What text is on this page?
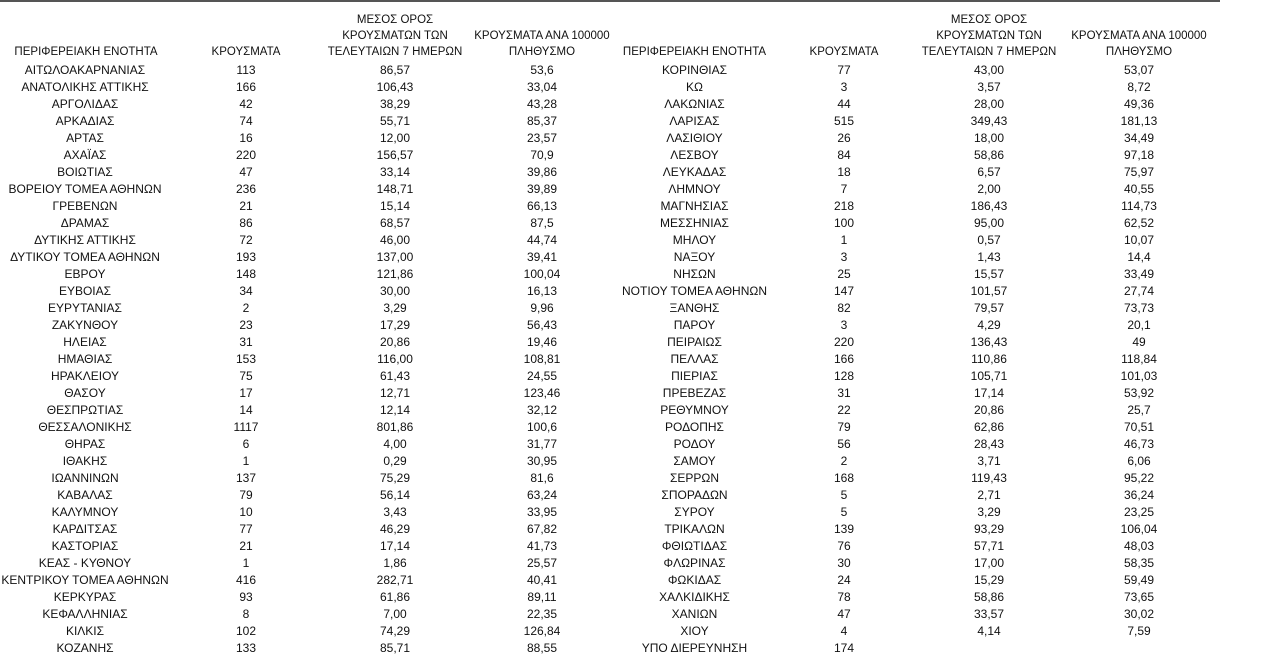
ΠΕΡΙΦΕΡΕΙΑΚΗ ΕΝΟΤΗΤΑ	ΚΡΟΥΣΜΑΤΑ
ΜΕΣΟΣ ΟΡΟΣ
ΚΡΟΥΣΜΑΤΩΝ ΤΩΝ
ΤΕΛΕΥΤΑΙΩΝ 7 ΗΜΕΡΩΝ
ΚΡΟΥΣΜΑΤΑ ΑΝΑ 100000
ΠΛΗΘΥΣΜΟ
ΑΙΤΩΛΟΑΚΑΡΝΑΝΙΑΣ	113	86,57	53,6
ΑΝΑΤΟΛΙΚΗΣ ΑΤΤΙΚΗΣ	166	106,43	33,04
ΑΡΓΟΛΙΔΑΣ	42	38,29	43,28
ΑΡΚΑΔΙΑΣ	74	55,71	85,37
ΑΡΤΑΣ	16	12,00	23,57
ΑΧΑΪΑΣ	220	156,57	70,9
ΒΟΙΩΤΙΑΣ	47	33,14	39,86
ΒΟΡΕΙΟΥ ΤΟΜΕΑ ΑΘΗΝΩΝ	236	148,71	39,89
ΓΡΕΒΕΝΩΝ	21	15,14	66,13
ΔΡΑΜΑΣ	86	68,57	87,5
ΔΥΤΙΚΗΣ ΑΤΤΙΚΗΣ	72	46,00	44,74
ΔΥΤΙΚΟΥ ΤΟΜΕΑ ΑΘΗΝΩΝ	193	137,00	39,41
ΕΒΡΟΥ	148	121,86	100,04
ΕΥΒΟΙΑΣ	34	30,00	16,13
ΕΥΡΥΤΑΝΙΑΣ	2	3,29	9,96
ΖΑΚΥΝΘΟΥ	23	17,29	56,43
ΗΛΕΙΑΣ	31	20,86	19,46
ΗΜΑΘΙΑΣ	153	116,00	108,81
ΗΡΑΚΛΕΙΟΥ	75	61,43	24,55
ΘΑΣΟΥ	17	12,71	123,46
ΘΕΣΠΡΩΤΙΑΣ	14	12,14	32,12
ΘΕΣΣΑΛΟΝΙΚΗΣ	1117	801,86	100,6
ΘΗΡΑΣ	6	4,00	31,77
ΙΘΑΚΗΣ	1	0,29	30,95
ΙΩΑΝΝΙΝΩΝ	137	75,29	81,6
ΚΑΒΑΛΑΣ	79	56,14	63,24
ΚΑΛΥΜΝΟΥ	10	3,43	33,95
ΚΑΡΔΙΤΣΑΣ	77	46,29	67,82
ΚΑΣΤΟΡΙΑΣ	21	17,14	41,73
ΚΕΑΣ - ΚΥΘΝΟΥ	1	1,86	25,57
ΚΕΝΤΡΙΚΟΥ ΤΟΜΕΑ ΑΘΗΝΩΝ	416	282,71	40,41
ΚΕΡΚΥΡΑΣ	93	61,86	89,11
ΚΕΦΑΛΛΗΝΙΑΣ	8	7,00	22,35
ΚΙΛΚΙΣ	102	74,29	126,84
ΚΟΖΑΝΗΣ	133	85,71	88,55
ΠΕΡΙΦΕΡΕΙΑΚΗ ΕΝΟΤΗΤΑ	ΚΡΟΥΣΜΑΤΑ
ΜΕΣΟΣ ΟΡΟΣ
ΚΡΟΥΣΜΑΤΩΝ ΤΩΝ
ΤΕΛΕΥΤΑΙΩΝ 7 ΗΜΕΡΩΝ
ΚΡΟΥΣΜΑΤΑ ΑΝΑ 100000
ΠΛΗΘΥΣΜΟ
ΚΟΡΙΝΘΙΑΣ	77	43,00	53,07
ΚΩ	3	3,57	8,72
ΛΑΚΩΝΙΑΣ	44	28,00	49,36
ΛΑΡΙΣΑΣ	515	349,43	181,13
ΛΑΣΙΘΙΟΥ	26	18,00	34,49
ΛΕΣΒΟΥ	84	58,86	97,18
ΛΕΥΚΑΔΑΣ	18	6,57	75,97
ΛΗΜΝΟΥ	7	2,00	40,55
ΜΑΓΝΗΣΙΑΣ	218	186,43	114,73
ΜΕΣΣΗΝΙΑΣ	100	95,00	62,52
ΜΗΛΟΥ	1	0,57	10,07
ΝΑΞΟΥ	3	1,43	14,4
ΝΗΣΩΝ	25	15,57	33,49
ΝΟΤΙΟΥ ΤΟΜΕΑ ΑΘΗΝΩΝ	147	101,57	27,74
ΞΑΝΘΗΣ	82	79,57	73,73
ΠΑΡΟΥ	3	4,29	20,1
ΠΕΙΡΑΙΩΣ	220	136,43	49
ΠΕΛΛΑΣ	166	110,86	118,84
ΠΙΕΡΙΑΣ	128	105,71	101,03
ΠΡΕΒΕΖΑΣ	31	17,14	53,92
ΡΕΘΥΜΝΟΥ	22	20,86	25,7
ΡΟΔΟΠΗΣ	79	62,86	70,51
ΡΟΔΟΥ	56	28,43	46,73
ΣΑΜΟΥ	2	3,71	6,06
ΣΕΡΡΩΝ	168	119,43	95,22
ΣΠΟΡΑΔΩΝ	5	2,71	36,24
ΣΥΡΟΥ	5	3,29	23,25
ΤΡΙΚΑΛΩΝ	139	93,29	106,04
ΦΘΙΩΤΙΔΑΣ	76	57,71	48,03
ΦΛΩΡΙΝΑΣ	30	17,00	58,35
ΦΩΚΙΔΑΣ	24	15,29	59,49
ΧΑΛΚΙΔΙΚΗΣ	78	58,86	73,65
ΧΑΝΙΩΝ	47	33,57	30,02
ΧΙΟΥ	4	4,14	7,59
ΥΠΟ ΔΙΕΡΕΥΝΗΣΗ	174
